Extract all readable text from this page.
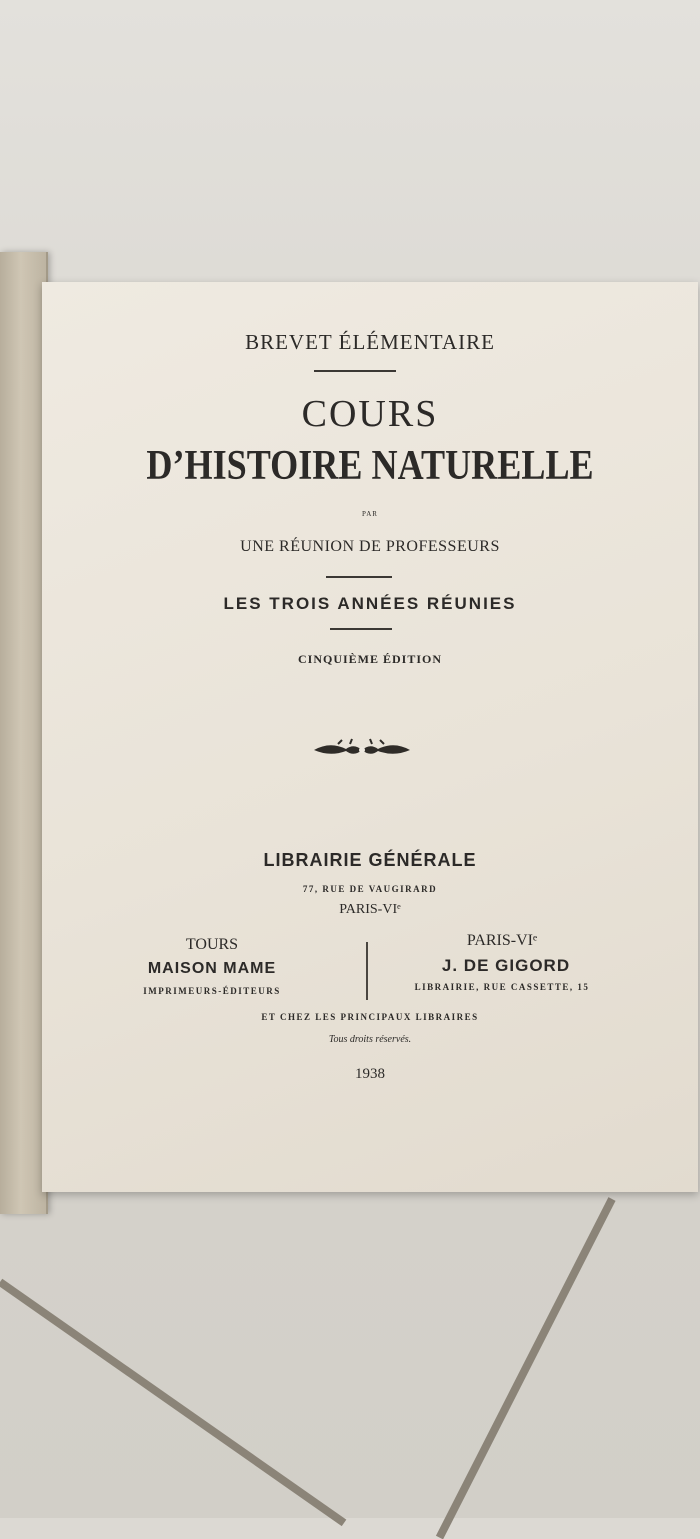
BREVET ÉLÉMENTAIRE
COURS
D’HISTOIRE NATURELLE
PAR
UNE RÉUNION DE PROFESSEURS
LES TROIS ANNÉES RÉUNIES
CINQUIÈME ÉDITION
LIBRAIRIE GÉNÉRALE
77, RUE DE VAUGIRARD
PARIS-VIᵉ
TOURS
MAISON MAME
IMPRIMEURS-ÉDITEURS
PARIS-VIᵉ
J. DE GIGORD
LIBRAIRIE, RUE CASSETTE, 15
ET CHEZ LES PRINCIPAUX LIBRAIRES
Tous droits réservés.
1938
